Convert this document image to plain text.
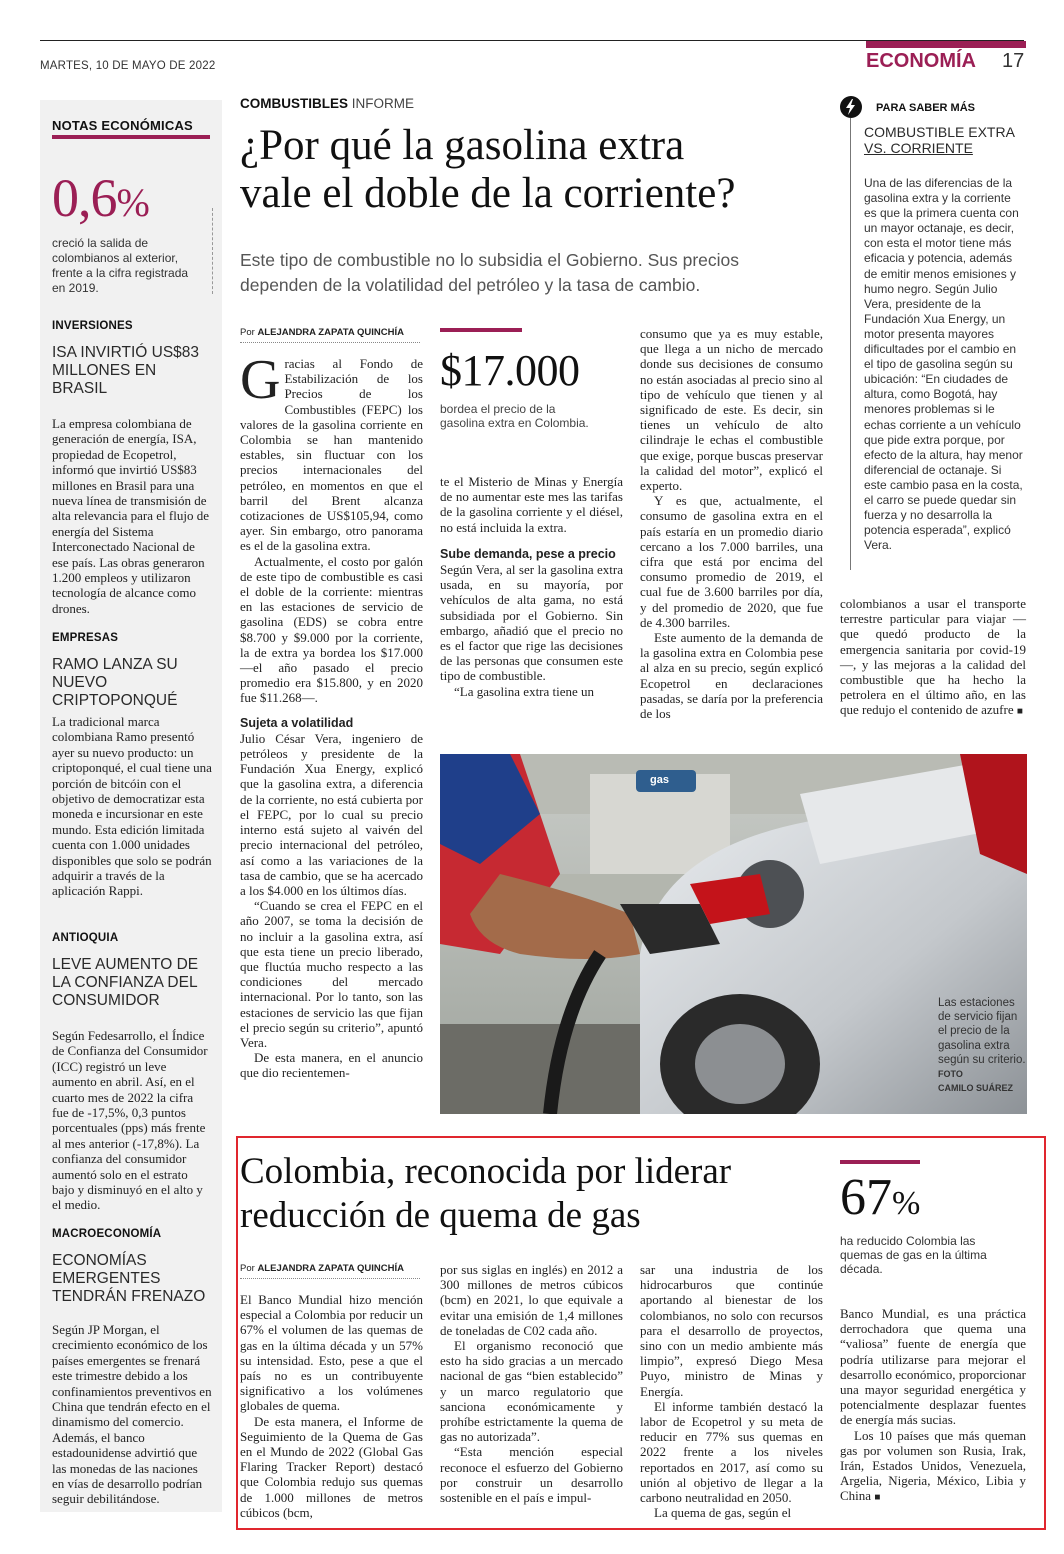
MARTES, 10 DE MAYO DE 2022	ECONOMÍA 17
NOTAS ECONÓMICAS
0,6%
creció la salida de colombianos al exterior, frente a la cifra registrada en 2019.
INVERSIONES
ISA INVIRTIÓ US$83 MILLONES EN BRASIL
La empresa colombiana de generación de energía, ISA, propiedad de Ecopetrol, informó que invirtió US$83 millones en Brasil para una nueva línea de transmisión de alta relevancia para el flujo de energía del Sistema Interconectado Nacional de ese país. Las obras generaron 1.200 empleos y utilizaron tecnología de alcance como drones.
EMPRESAS
RAMO LANZA SU NUEVO CRIPTOPONQUÉ
La tradicional marca colombiana Ramo presentó ayer su nuevo producto: un criptoponqué, el cual tiene una porción de bitcóin con el objetivo de democratizar esta moneda e incursionar en este mundo. Esta edición limitada cuenta con 1.000 unidades disponibles que solo se podrán adquirir a través de la aplicación Rappi.
ANTIOQUIA
LEVE AUMENTO DE LA CONFIANZA DEL CONSUMIDOR
Según Fedesarrollo, el Índice de Confianza del Consumidor (ICC) registró un leve aumento en abril. Así, en el cuarto mes de 2022 la cifra fue de -17,5%, 0,3 puntos porcentuales (pps) más frente al mes anterior (-17,8%). La confianza del consumidor aumentó solo en el estrato bajo y disminuyó en el alto y el medio.
MACROECONOMÍA
ECONOMÍAS EMERGENTES TENDRÁN FRENAZO
Según JP Morgan, el crecimiento económico de los países emergentes se frenará este trimestre debido a los confinamientos preventivos en China que tendrán efecto en el dinamismo del comercio. Además, el banco estadounidense advirtió que las monedas de las naciones en vías de desarrollo podrían seguir debilitándose.
COMBUSTIBLES INFORME
¿Por qué la gasolina extra
vale el doble de la corriente?
Este tipo de combustible no lo subsidia el Gobierno. Sus precios
dependen de la volatilidad del petróleo y la tasa de cambio.
Por ALEJANDRA ZAPATA QUINCHÍA

Gracias al Fondo de Estabilización de los Precios de los Combustibles (FEPC) los valores de la gasolina corriente en Colombia se han mantenido estables, sin fluctuar con los precios internacionales del petróleo, en momentos en que el barril del Brent alcanza cotizaciones de US$105,94, como ayer. Sin embargo, otro panorama es el de la gasolina extra.

Actualmente, el costo por galón de este tipo de combustible es casi el doble de la corriente: mientras en las estaciones de servicio de gasolina (EDS) se cobra entre $8.700 y $9.000 por la corriente, la de extra ya bordea los $17.000 —el año pasado el precio promedio era $15.800, y en 2020 fue $11.268—.

Sujeta a volatilidad

Julio César Vera, ingeniero de petróleos y presidente de la Fundación Xua Energy, explicó que la gasolina extra, a diferencia de la corriente, no está cubierta por el FEPC, por lo cual su precio interno está sujeto al vaivén del precio internacional del petróleo, así como a las variaciones de la tasa de cambio, que se ha acercado a los $4.000 en los últimos días.

“Cuando se crea el FEPC en el año 2007, se toma la decisión de no incluir a la gasolina extra, así que esta tiene un precio liberado, que fluctúa mucho respecto a las condiciones del mercado internacional. Por lo tanto, son las estaciones de servicio las que fijan el precio según su criterio”, apuntó Vera.

De esta manera, en el anuncio que dio recientemen-

$17.000
bordea el precio de la gasolina extra en Colombia.

te el Misterio de Minas y Energía de no aumentar este mes las tarifas de la gasolina corriente y el diésel, no está incluida la extra.

Sube demanda, pese a precio

Según Vera, al ser la gasolina extra usada, en su mayoría, por vehículos de alta gama, no está subsidiada por el Gobierno. Sin embargo, añadió que el precio no es el factor que rige las decisiones de las personas que consumen este tipo de combustible.

“La gasolina extra tiene un

consumo que ya es muy estable, que llega a un nicho de mercado donde sus decisiones de consumo no están asociadas al precio sino al tipo de vehículo que tienen y al significado de este. Es decir, sin tienes un vehículo de alto cilindraje le echas el combustible que exige, porque buscas preservar la calidad del motor”, explicó el experto.

Y es que, actualmente, el consumo de gasolina extra en el país estaría en un promedio diario cercano a los 7.000 barriles, una cifra que está por encima del consumo promedio de 2019, el cual fue de 3.600 barriles por día, y del promedio de 2020, que fue de 4.300 barriles.

Este aumento de la demanda de la gasolina extra en Colombia pese al alza en su precio, según explicó Ecopetrol en declaraciones pasadas, se daría por la preferencia de los

PARA SABER MÁS
COMBUSTIBLE EXTRA
VS. CORRIENTE
Una de las diferencias de la gasolina extra y la corriente es que la primera cuenta con un mayor octanaje, es decir, con esta el motor tiene más eficacia y potencia, además de emitir menos emisiones y humo negro. Según Julio Vera, presidente de la Fundación Xua Energy, un motor presenta mayores dificultades por el cambio en el tipo de gasolina según su ubicación: “En ciudades de altura, como Bogotá, hay menores problemas si le echas corriente a un vehículo que pide extra porque, por efecto de la altura, hay menor diferencial de octanaje. Si este cambio pasa en la costa, el carro se puede quedar sin fuerza y no desarrolla la potencia esperada”, explicó Vera.

colombianos a usar el transporte terrestre particular para viajar —que quedó producto de la emergencia sanitaria por covid-19—, y las mejoras a la calidad del combustible que ha hecho la petrolera en el último año, en las que redujo el contenido de azufre ■

gas
Las estaciones de servicio fijan el precio de la gasolina extra según su criterio. FOTO
CAMILO SUÁREZ
Colombia, reconocida por liderar
reducción de quema de gas
Por ALEJANDRA ZAPATA QUINCHÍA
67%
ha reducido Colombia las quemas de gas en la última década.

El Banco Mundial hizo mención especial a Colombia por reducir un 67% el volumen de las quemas de gas en la última década y un 57% su intensidad. Esto, pese a que el país no es un contribuyente significativo a los volúmenes globales de quema.

De esta manera, el Informe de Seguimiento de la Quema de Gas en el Mundo de 2022 (Global Gas Flaring Tracker Report) destacó que Colombia redujo sus quemas de 1.000 millones de metros cúbicos (bcm,

por sus siglas en inglés) en 2012 a 300 millones de metros cúbicos (bcm) en 2021, lo que equivale a evitar una emisión de 1,4 millones de toneladas de C02 cada año.

El organismo reconoció que esto ha sido gracias a un mercado nacional de gas “bien establecido” y un marco regulatorio que sanciona económicamente y prohíbe estrictamente la quema de gas no autorizada”.

“Esta mención especial reconoce el esfuerzo del Gobierno por construir un desarrollo sostenible en el país e impul-

sar una industria de los hidrocarburos que continúe aportando al bienestar de los colombianos, no solo con recursos para el desarrollo de proyectos, sino con un medio ambiente más limpio”, expresó Diego Mesa Puyo, ministro de Minas y Energía.

El informe también destacó la labor de Ecopetrol y su meta de reducir en 77% sus quemas en 2022 frente a los niveles reportados en 2017, así como su unión al objetivo de llegar a la carbono neutralidad en 2050.

La quema de gas, según el

Banco Mundial, es una práctica derrochadora que quema una “valiosa” fuente de energía que podría utilizarse para mejorar el desarrollo económico, proporcionar una mayor seguridad energética y potencialmente desplazar fuentes de energía más sucias.

Los 10 países que más queman gas por volumen son Rusia, Irak, Irán, Estados Unidos, Venezuela, Argelia, Nigeria, México, Libia y China ■
